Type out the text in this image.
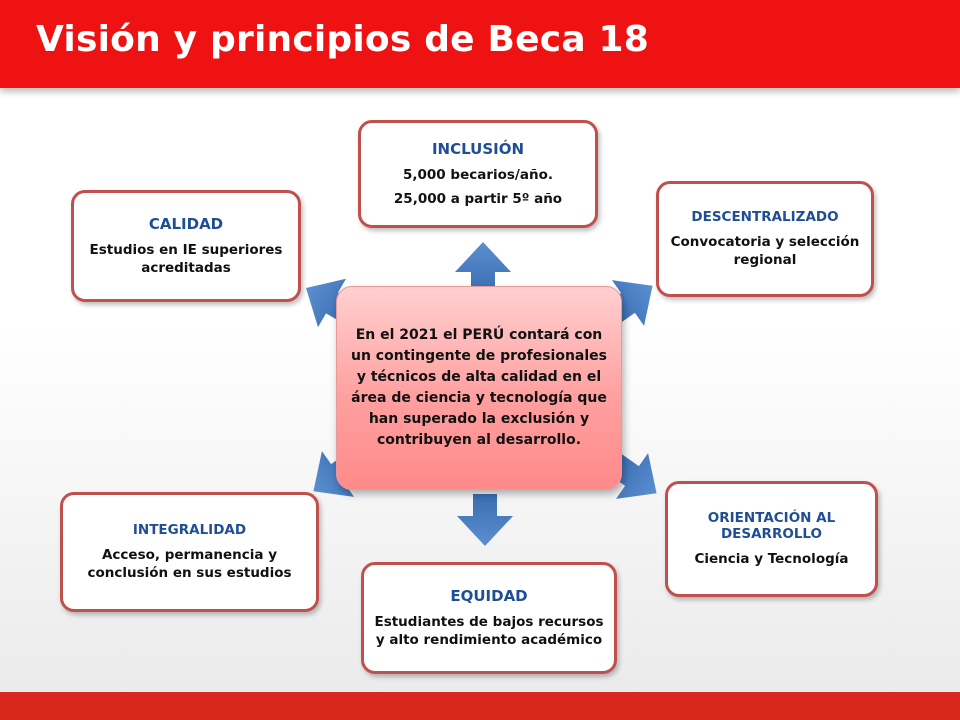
Visión y principios de Beca 18

En el 2021 el PERÚ contará con un contingente de profesionales y técnicos de alta calidad en el área de ciencia y tecnología que han superado la exclusión y contribuyen al desarrollo.

INCLUSIÓN
5,000 becarios/año.
25,000 a partir 5º año
CALIDAD
Estudios en IE superiores acreditadas
DESCENTRALIZADO
Convocatoria y selección regional
INTEGRALIDAD
Acceso, permanencia y conclusión en sus estudios
EQUIDAD
Estudiantes de bajos recursos y alto rendimiento académico
ORIENTACIÓN AL DESARROLLO
Ciencia y Tecnología
